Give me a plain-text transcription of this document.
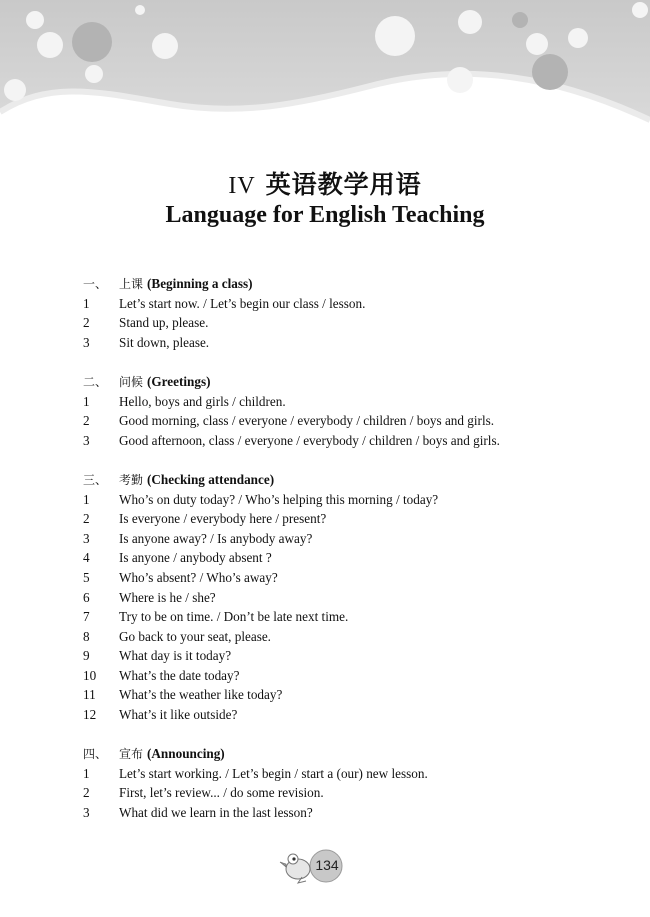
IV 英语教学用语
Language for English Teaching
一、 上课 (Beginning a class)
1 Let’s start now. / Let’s begin our class / lesson.
2 Stand up, please.
3 Sit down, please.
二、 问候 (Greetings)
1 Hello, boys and girls / children.
2 Good morning, class / everyone / everybody / children / boys and girls.
3 Good afternoon, class / everyone / everybody / children / boys and girls.
三、 考勤 (Checking attendance)
1 Who’s on duty today? / Who’s helping this morning / today?
2 Is everyone / everybody here / present?
3 Is anyone away? / Is anybody away?
4 Is anyone / anybody absent ?
5 Who’s absent? / Who’s away?
6 Where is he / she?
7 Try to be on time. / Don’t be late next time.
8 Go back to your seat, please.
9 What day is it today?
10 What’s the date today?
11 What’s the weather like today?
12 What’s it like outside?
四、 宣布 (Announcing)
1 Let’s start working. / Let’s begin / start a (our) new lesson.
2 First, let’s review... / do some revision.
3 What did we learn in the last lesson?
134
